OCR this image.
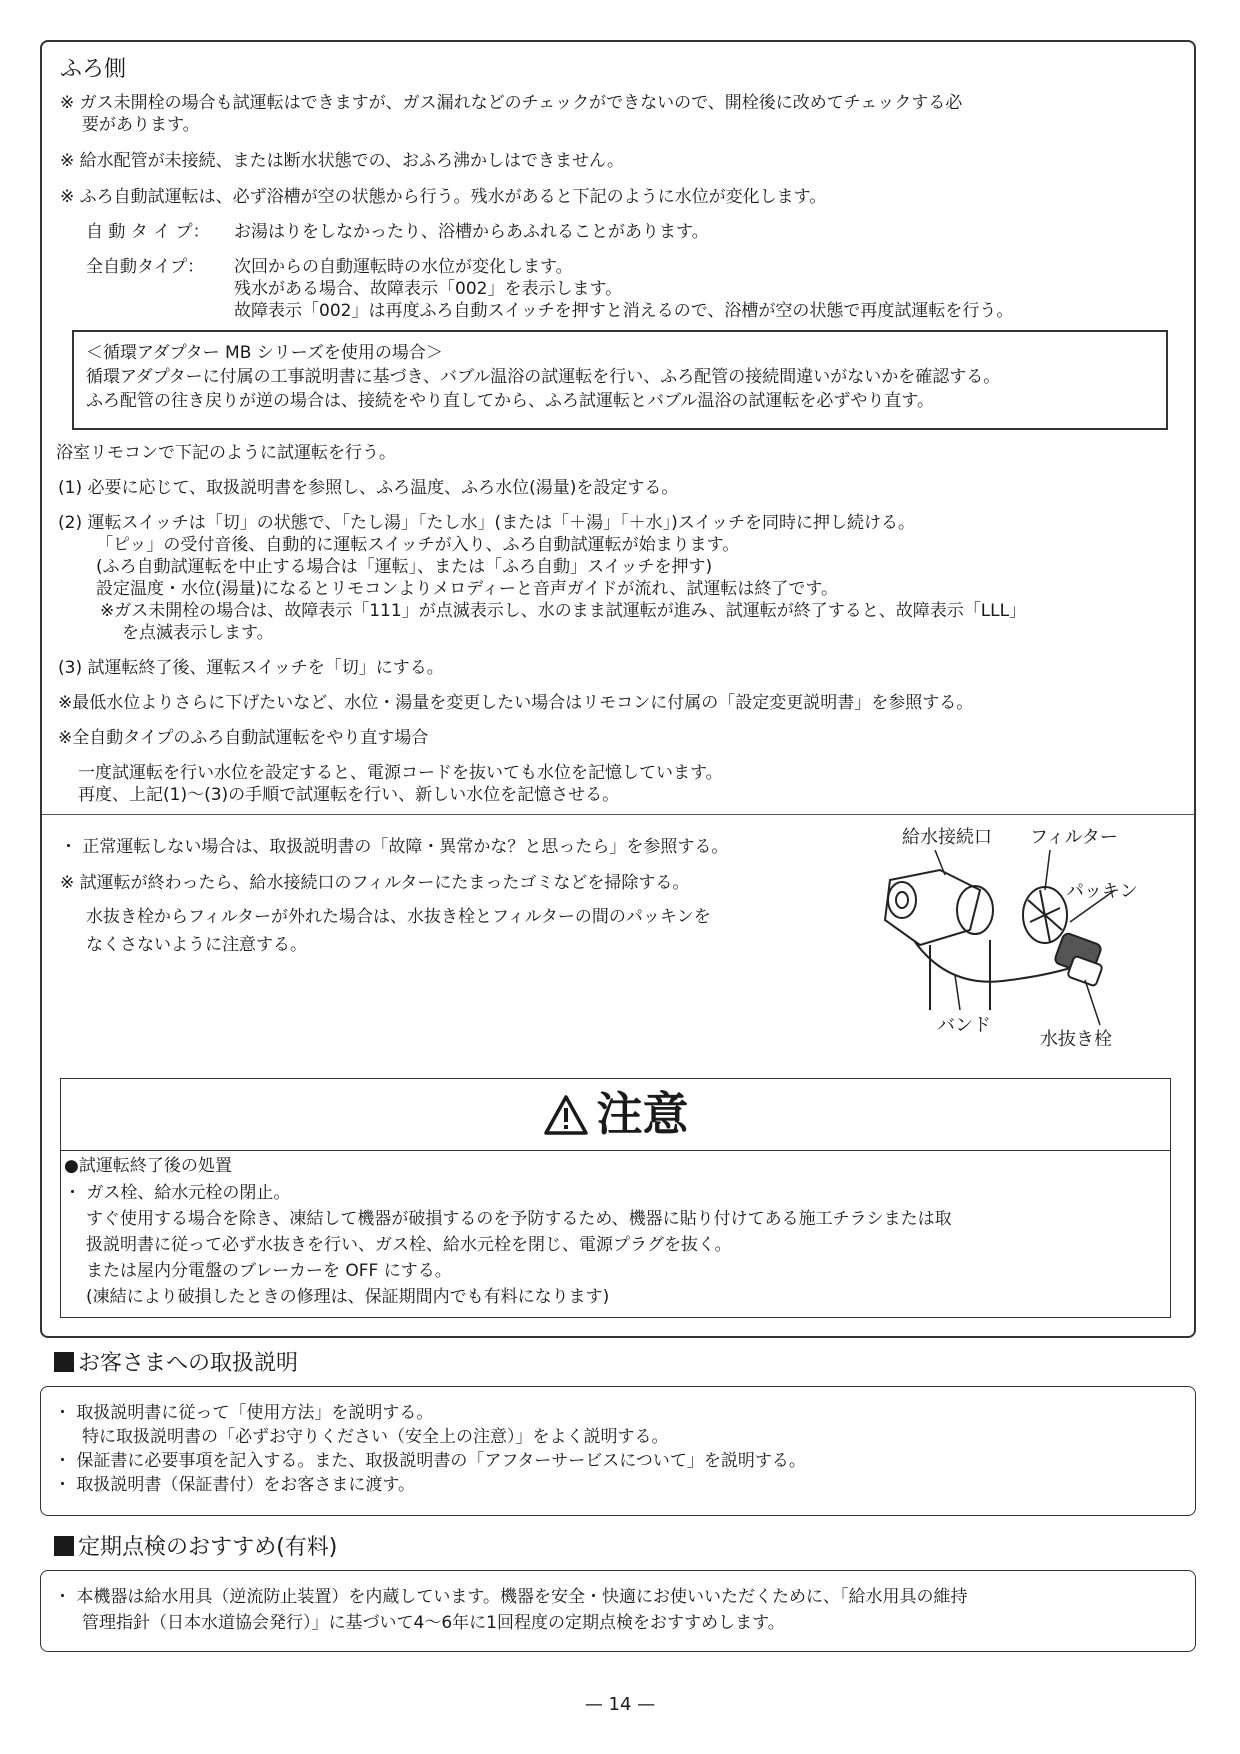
ふろ側
※ ガス未開栓の場合も試運転はできますが、ガス漏れなどのチェックができないので、開栓後に改めてチェックする必
要があります。
※ 給水配管が未接続、または断水状態での、おふろ沸かしはできません。
※ ふろ自動試運転は、必ず浴槽が空の状態から行う。残水があると下記のように水位が変化します。
自 動 タ イ プ： お湯はりをしなかったり、浴槽からあふれることがあります。
全自動タイプ： 次回からの自動運転時の水位が変化します。
残水がある場合、故障表示「002」を表示します。
故障表示「002」は再度ふろ自動スイッチを押すと消えるので、浴槽が空の状態で再度試運転を行う。
＜循環アダプター MB シリーズを使用の場合＞
循環アダプターに付属の工事説明書に基づき、バブル温浴の試運転を行い、ふろ配管の接続間違いがないかを確認する。
ふろ配管の往き戻りが逆の場合は、接続をやり直してから、ふろ試運転とバブル温浴の試運転を必ずやり直す。
浴室リモコンで下記のように試運転を行う。
(1) 必要に応じて、取扱説明書を参照し、ふろ温度、ふろ水位(湯量)を設定する。
(2) 運転スイッチは「切」の状態で、「たし湯」「たし水」(または「＋湯」「＋水」)スイッチを同時に押し続ける。
「ピッ」の受付音後、自動的に運転スイッチが入り、ふろ自動試運転が始まります。
(ふろ自動試運転を中止する場合は「運転」、または「ふろ自動」スイッチを押す)
設定温度・水位(湯量)になるとリモコンよりメロディーと音声ガイドが流れ、試運転は終了です。
※ガス未開栓の場合は、故障表示「111」が点滅表示し、水のまま試運転が進み、試運転が終了すると、故障表示「LLL」
を点滅表示します。
(3) 試運転終了後、運転スイッチを「切」にする。
※最低水位よりさらに下げたいなど、水位・湯量を変更したい場合はリモコンに付属の「設定変更説明書」を参照する。
※全自動タイプのふろ自動試運転をやり直す場合
一度試運転を行い水位を設定すると、電源コードを抜いても水位を記憶しています。
再度、上記(1)～(3)の手順で試運転を行い、新しい水位を記憶させる。
・ 正常運転しない場合は、取扱説明書の「故障・異常かな？と思ったら」を参照する。
※ 試運転が終わったら、給水接続口のフィルターにたまったゴミなどを掃除する。
水抜き栓からフィルターが外れた場合は、水抜き栓とフィルターの間のパッキンを
なくさないように注意する。
給水接続口 フィルター
パッキン
バンド
水抜き栓
注意
●試運転終了後の処置
・ ガス栓、給水元栓の閉止。
すぐ使用する場合を除き、凍結して機器が破損するのを予防するため、機器に貼り付けてある施工チラシまたは取
扱説明書に従って必ず水抜きを行い、ガス栓、給水元栓を閉じ、電源プラグを抜く。
または屋内分電盤のブレーカーを OFF にする。
(凍結により破損したときの修理は、保証期間内でも有料になります)
お客さまへの取扱説明
・ 取扱説明書に従って「使用方法」を説明する。
特に取扱説明書の「必ずお守りください（安全上の注意）」をよく説明する。
・ 保証書に必要事項を記入する。また、取扱説明書の「アフターサービスについて」を説明する。
・ 取扱説明書（保証書付）をお客さまに渡す。
定期点検のおすすめ(有料)
・ 本機器は給水用具（逆流防止装置）を内蔵しています。機器を安全・快適にお使いいただくために、「給水用具の維持
管理指針（日本水道協会発行）」に基づいて4～6年に1回程度の定期点検をおすすめします。
— 14 —
